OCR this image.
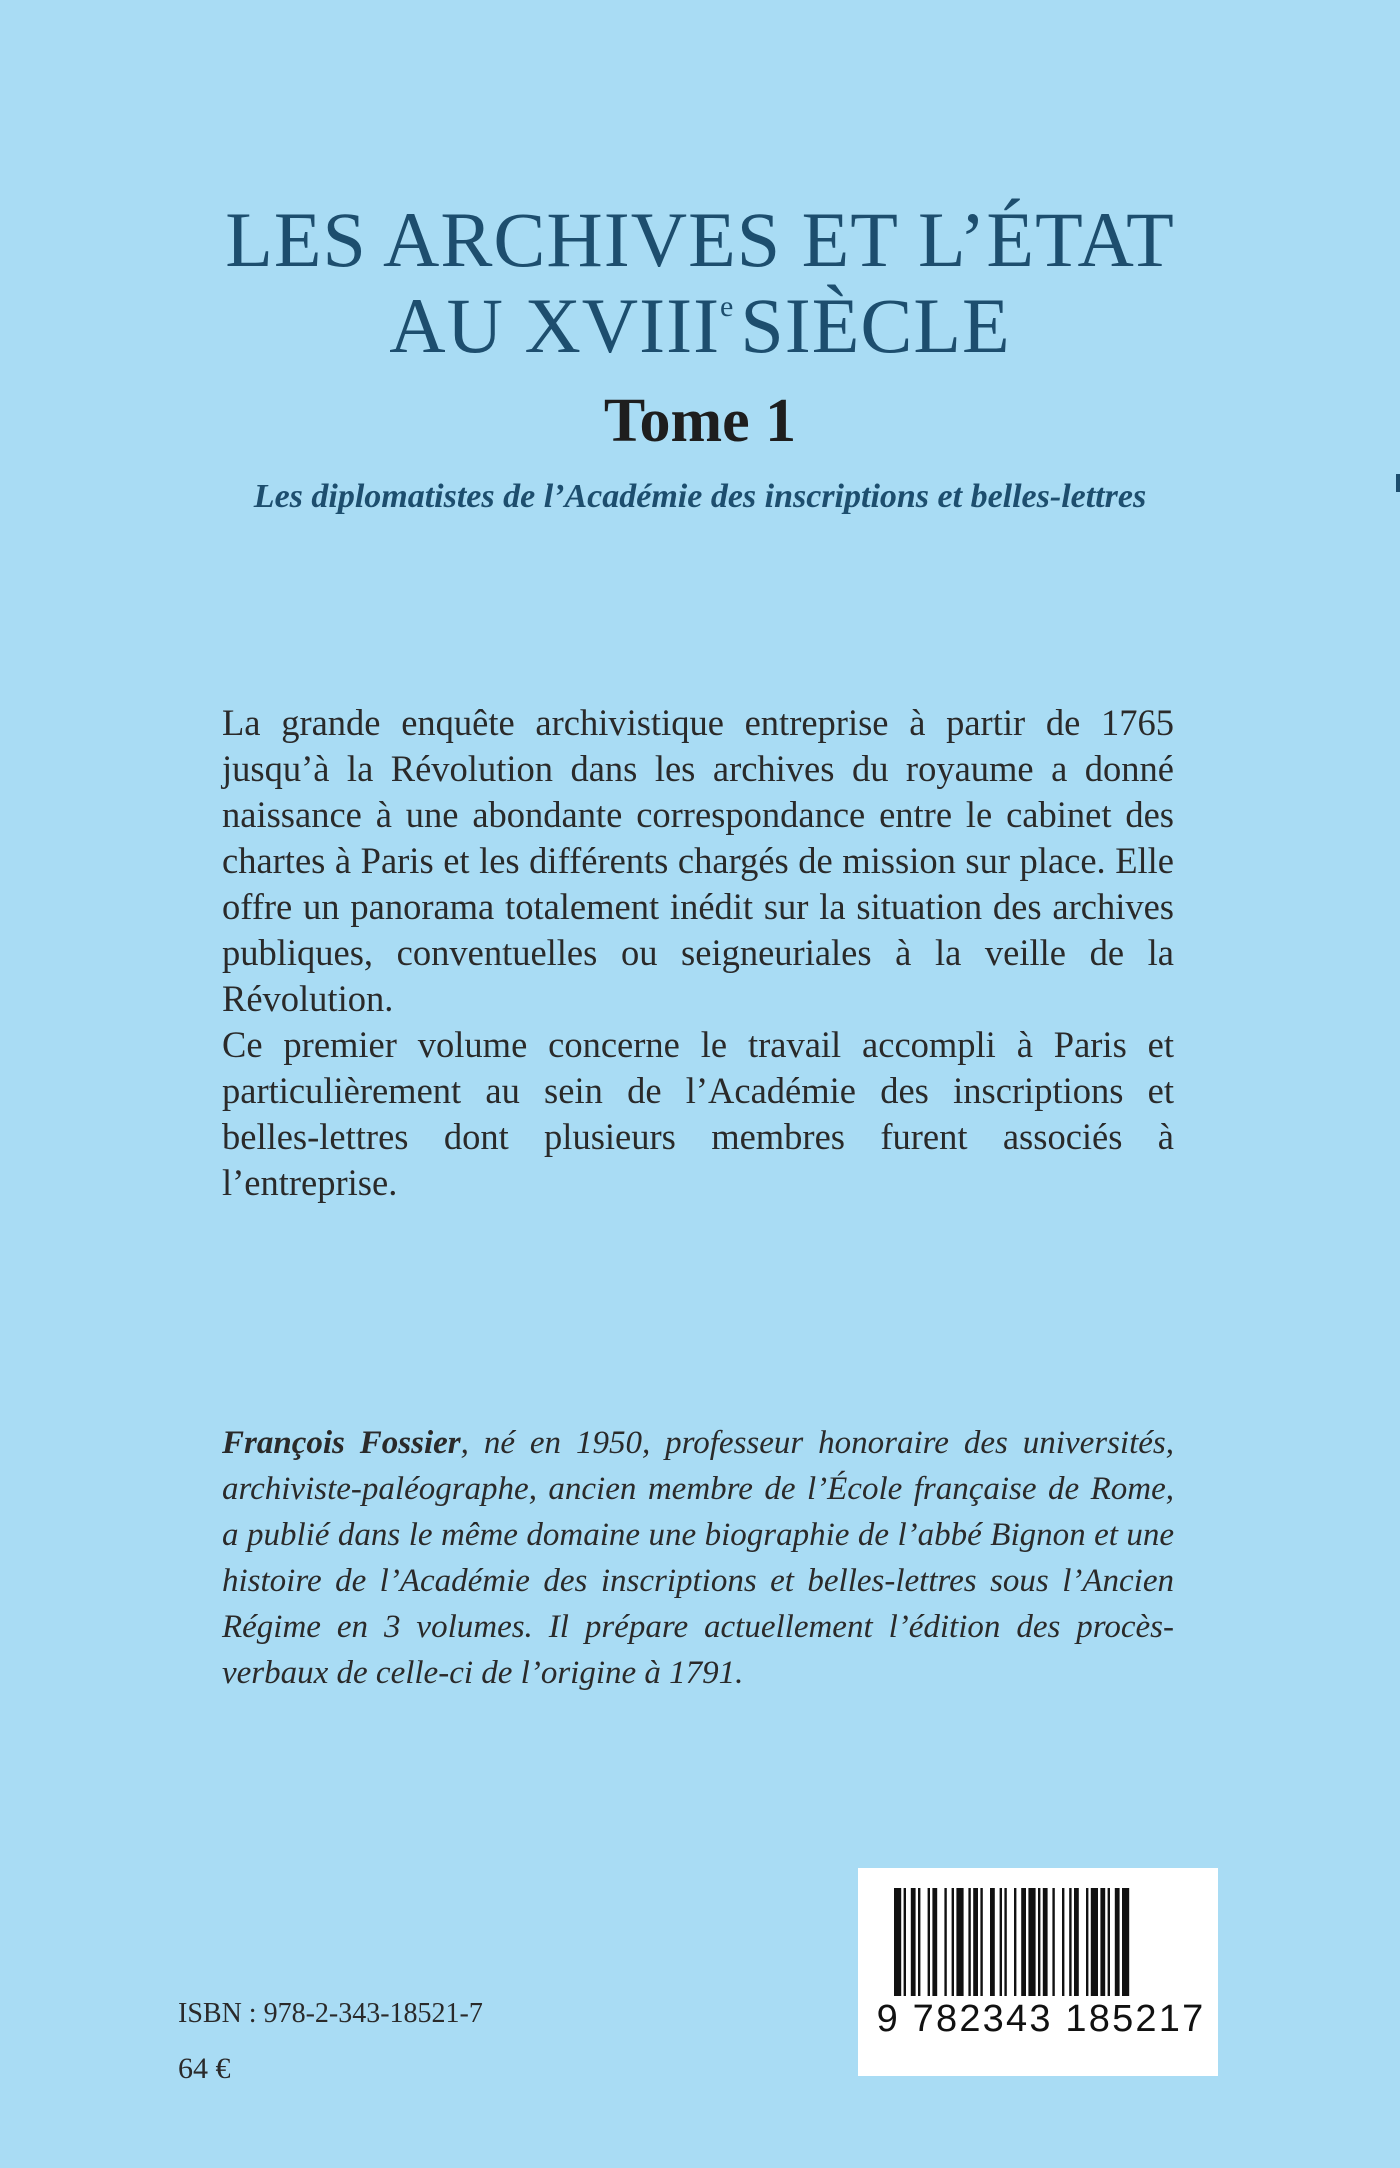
LES ARCHIVES ET L’ÉTAT
AU XVIIIeSIÈCLE
Tome 1
Les diplomatistes de l’Académie des inscriptions et belles-lettres

La grande enquête archivistique entreprise à partir de 1765 jusqu’à la Révolution dans les archives du royaume a donné naissance à une abondante correspondance entre le cabinet des chartes à Paris et les différents chargés de mission sur place. Elle offre un panorama totalement inédit sur la situation des archives publiques, conventuelles ou seigneuriales à la veille de la Révolution.

Ce premier volume concerne le travail accompli à Paris et particulièrement au sein de l’Académie des inscriptions et belles-lettres dont plusieurs membres furent associés à l’entreprise.

François Fossier, né en 1950, professeur honoraire des universités, archiviste-paléographe, ancien membre de l’École française de Rome, a publié dans le même domaine une biographie de l’abbé Bignon et une histoire de l’Académie des inscriptions et belles-lettres sous l’Ancien Régime en 3 volumes. Il prépare actuellement l’édition des procès-verbaux de celle-ci de l’origine à 1791.
9 782343 185217
ISBN : 978-2-343-18521-7
64 €
